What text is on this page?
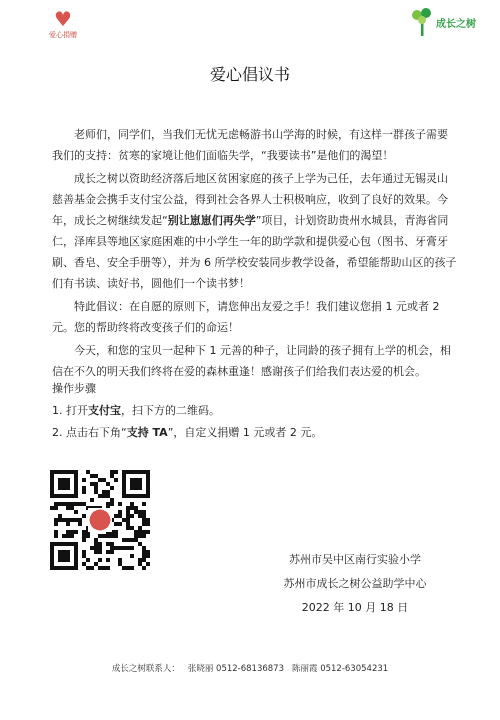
♥
爱心捐赠
成长之树
爱心倡议书

老师们，同学们，当我们无忧无虑畅游书山学海的时候，有这样一群孩子需要我们的支持：贫寒的家境让他们面临失学，“我要读书”是他们的渴望！

成长之树以资助经济落后地区贫困家庭的孩子上学为己任，去年通过无锡灵山慈善基金会携手支付宝公益，得到社会各界人士积极响应，收到了良好的效果。今年，成长之树继续发起“别让崽崽们再失学”项目，计划资助贵州水城县，青海省同仁，泽库县等地区家庭困难的中小学生一年的助学款和提供爱心包（图书、牙膏牙刷、香皂、安全手册等），并为 6 所学校安装同步教学设备，希望能帮助山区的孩子们有书读、读好书，圆他们一个读书梦！

特此倡议：在自愿的原则下，请您伸出友爱之手！我们建议您捐 1 元或者 2 元。您的帮助终将改变孩子们的命运！

今天，和您的宝贝一起种下 1 元善的种子，让同龄的孩子拥有上学的机会，相信在不久的明天我们终将在爱的森林重逢！感谢孩子们给我们表达爱的机会。

操作步骤
1. 打开支付宝，扫下方的二维码。
2. 点击右下角“支持 TA”，自定义捐赠 1 元或者 2 元。
苏州市吴中区南行实验小学
苏州市成长之树公益助学中心
2022 年 10 月 18 日
成长之树联系人： 张晓丽 0512-68136873 陈丽霞 0512-63054231
